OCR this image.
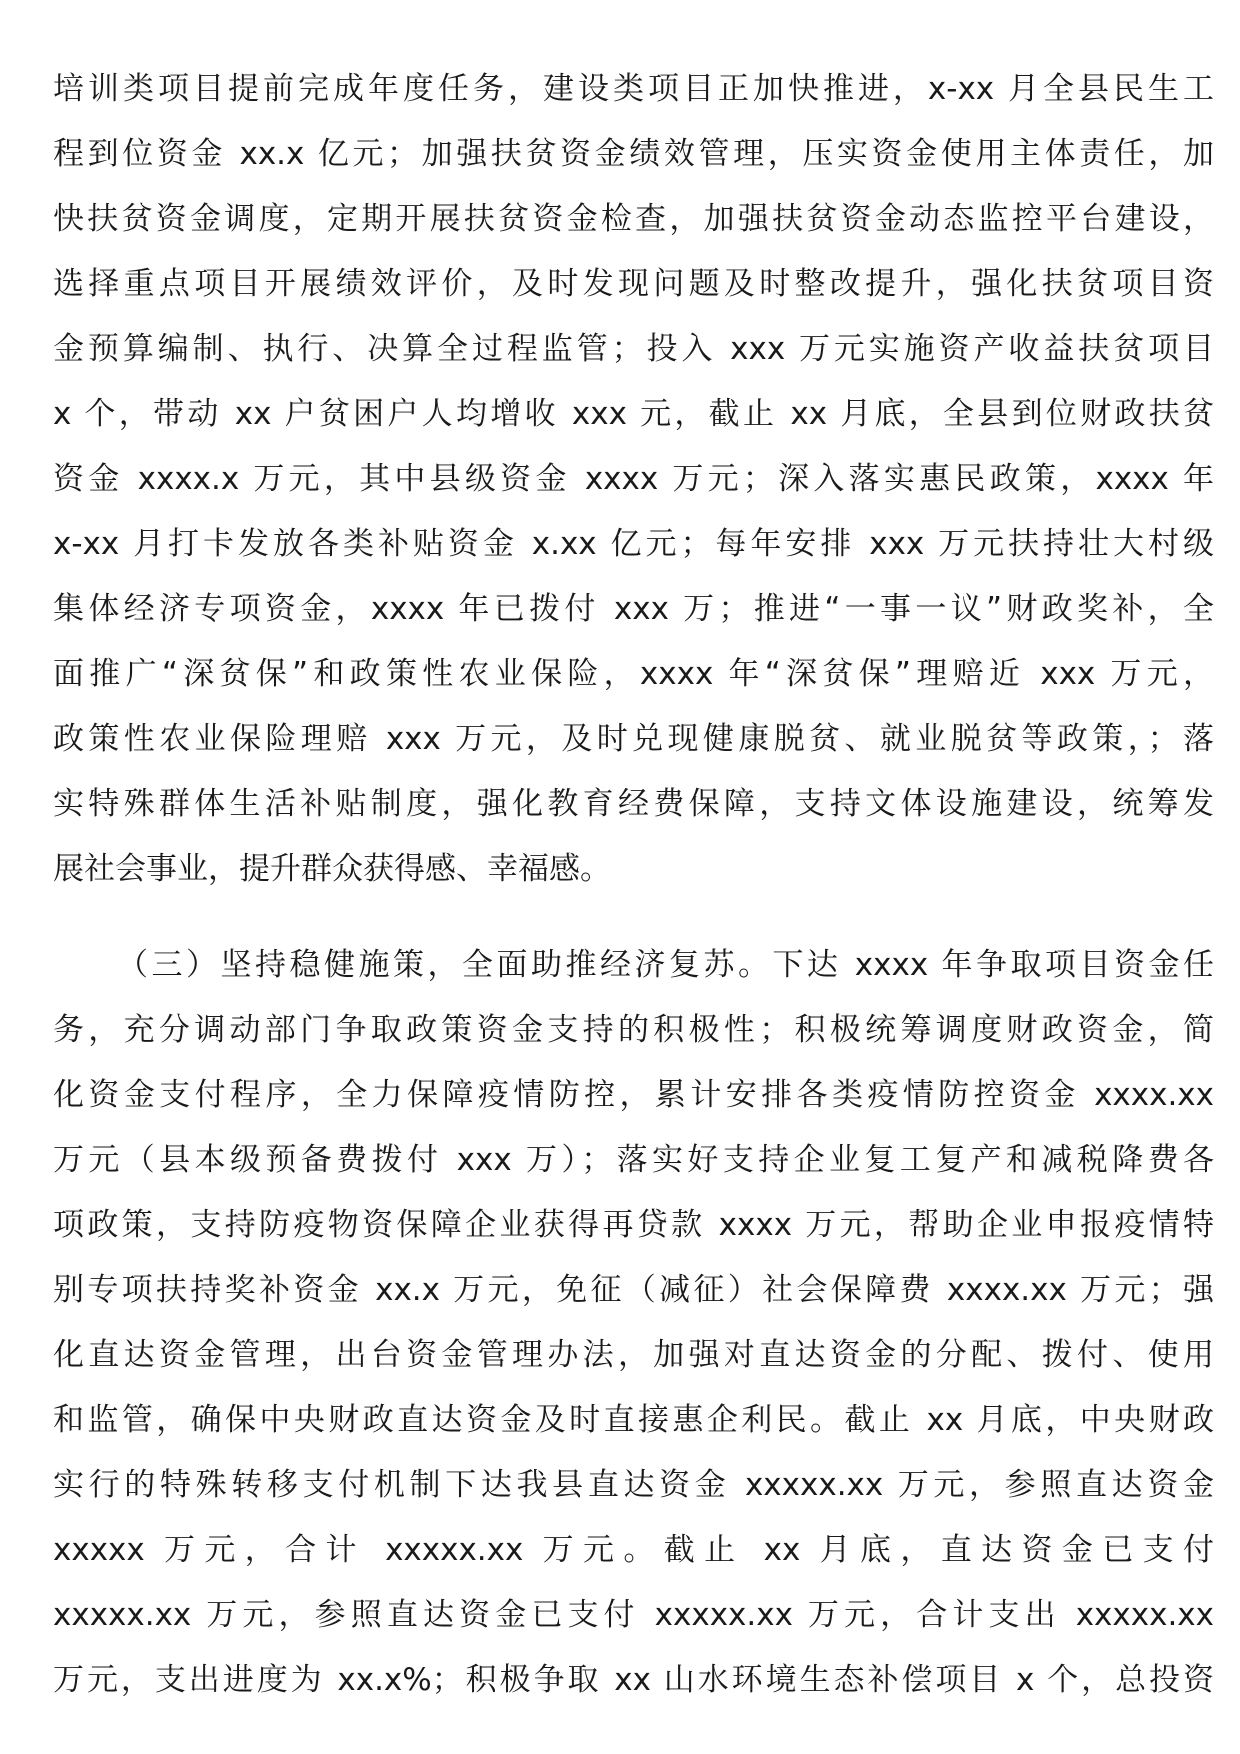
培训类项目提前完成年度任务，建设类项目正加快推进，x-xx 月全县民生工
程到位资金 xx.x 亿元；加强扶贫资金绩效管理，压实资金使用主体责任，加
快扶贫资金调度，定期开展扶贫资金检查，加强扶贫资金动态监控平台建设，
选择重点项目开展绩效评价，及时发现问题及时整改提升，强化扶贫项目资
金预算编制、执行、决算全过程监管；投入 xxx 万元实施资产收益扶贫项目
x 个，带动 xx 户贫困户人均增收 xxx 元，截止 xx 月底，全县到位财政扶贫
资金 xxxx.x 万元，其中县级资金 xxxx 万元；深入落实惠民政策，xxxx 年
x-xx 月打卡发放各类补贴资金 x.xx 亿元；每年安排 xxx 万元扶持壮大村级
集体经济专项资金，xxxx 年已拨付 xxx 万；推进“一事一议”财政奖补，全
面推广“深贫保”和政策性农业保险，xxxx 年“深贫保”理赔近 xxx 万元，
政策性农业保险理赔 xxx 万元，及时兑现健康脱贫、就业脱贫等政策，；落
实特殊群体生活补贴制度，强化教育经费保障，支持文体设施建设，统筹发
展社会事业，提升群众获得感、幸福感。
（三）坚持稳健施策，全面助推经济复苏。下达 xxxx 年争取项目资金任
务，充分调动部门争取政策资金支持的积极性；积极统筹调度财政资金，简
化资金支付程序，全力保障疫情防控，累计安排各类疫情防控资金 xxxx.xx
万元（县本级预备费拨付 xxx 万）；落实好支持企业复工复产和减税降费各
项政策，支持防疫物资保障企业获得再贷款 xxxx 万元，帮助企业申报疫情特
别专项扶持奖补资金 xx.x 万元，免征（减征）社会保障费 xxxx.xx 万元；强
化直达资金管理，出台资金管理办法，加强对直达资金的分配、拨付、使用
和监管，确保中央财政直达资金及时直接惠企利民。截止 xx 月底，中央财政
实行的特殊转移支付机制下达我县直达资金 xxxxx.xx 万元，参照直达资金
xxxxx 万元，合计 xxxxx.xx 万元。截止 xx 月底，直达资金已支付
xxxxx.xx 万元，参照直达资金已支付 xxxxx.xx 万元，合计支出 xxxxx.xx
万元，支出进度为 xx.x%；积极争取 xx 山水环境生态补偿项目 x 个，总投资
